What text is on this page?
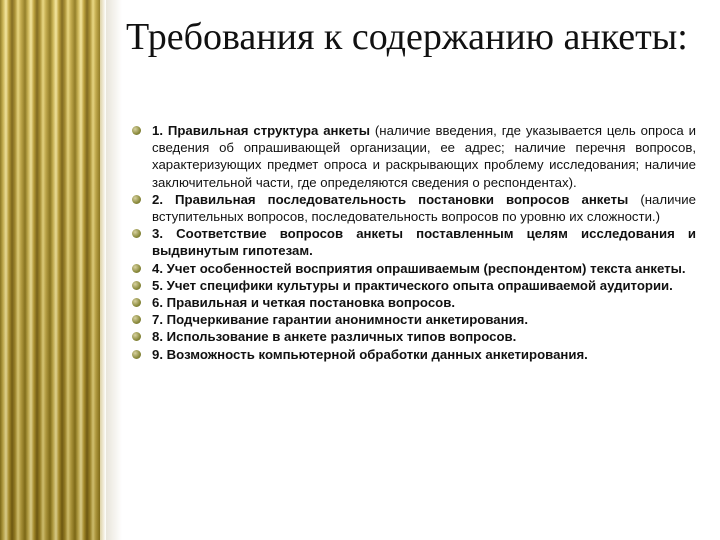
Требования к содержанию анкеты:
1. Правильная структура анкеты (наличие введения, где указывается цель опроса и сведения об опрашивающей организации, ее адрес; наличие перечня вопросов, характеризующих предмет опроса и раскрывающих проблему исследования; наличие заключительной части, где определяются сведения о респондентах).
2. Правильная последовательность постановки вопросов анкеты (наличие вступительных вопросов, последовательность вопросов по уровню их сложности.)
3. Соответствие вопросов анкеты поставленным целям исследования и выдвинутым гипотезам.
4. Учет особенностей восприятия опрашиваемым (респондентом) текста анкеты.
5. Учет специфики культуры и практического опыта опрашиваемой аудитории.
6. Правильная и четкая постановка вопросов.
7. Подчеркивание гарантии анонимности анкетирования.
8. Использование в анкете различных типов вопросов.
9. Возможность компьютерной обработки данных анкетирования.
